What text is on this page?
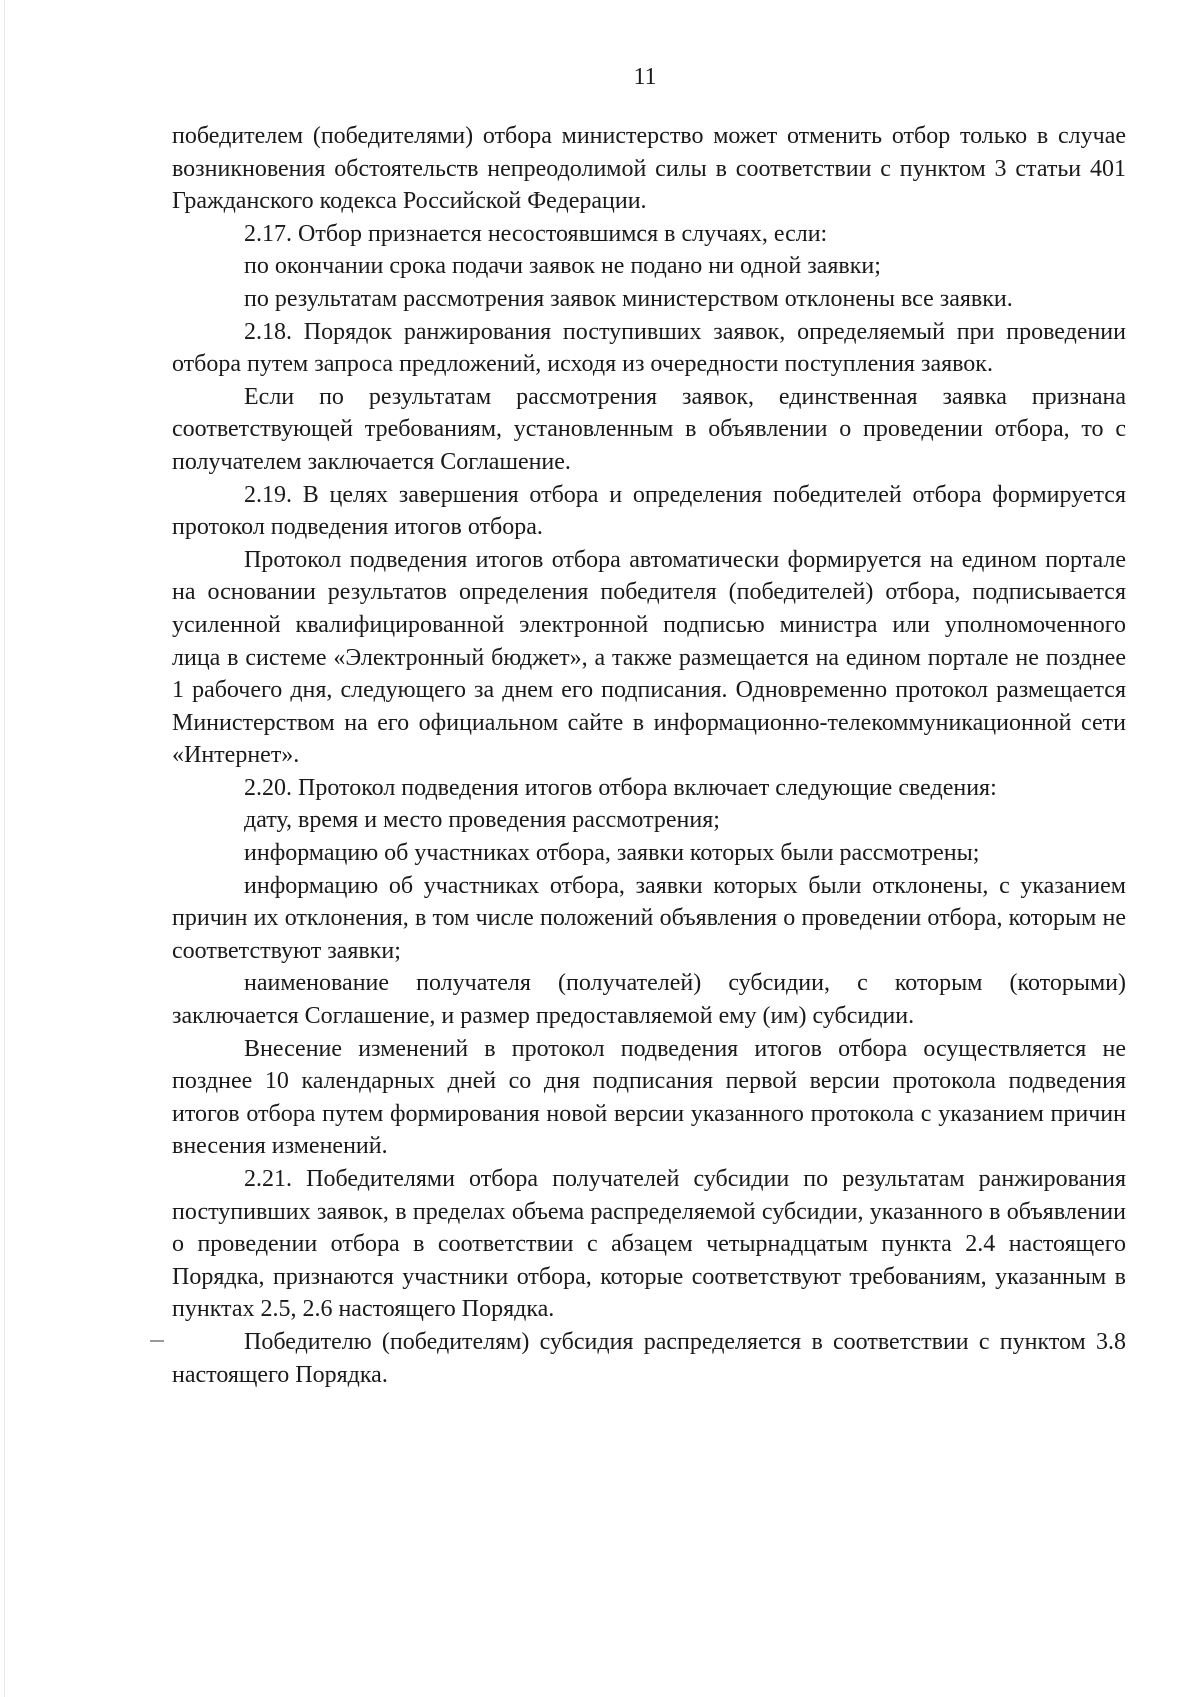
11

победителем (победителями) отбора министерство может отменить отбор только в случае возникновения обстоятельств непреодолимой силы в соответствии с пунктом 3 статьи 401 Гражданского кодекса Российской Федерации.

2.17. Отбор признается несостоявшимся в случаях, если:

по окончании срока подачи заявок не подано ни одной заявки;

по результатам рассмотрения заявок министерством отклонены все заявки.

2.18. Порядок ранжирования поступивших заявок, определяемый при проведении отбора путем запроса предложений, исходя из очередности поступления заявок.

Если по результатам рассмотрения заявок, единственная заявка признана соответствующей требованиям, установленным в объявлении о проведении отбора, то с получателем заключается Соглашение.

2.19. В целях завершения отбора и определения победителей отбора формируется протокол подведения итогов отбора.

Протокол подведения итогов отбора автоматически формируется на едином портале на основании результатов определения победителя (победителей) отбора, подписывается усиленной квалифицированной электронной подписью министра или уполномоченного лица в системе «Электронный бюджет», а также размещается на едином портале не позднее 1 рабочего дня, следующего за днем его подписания. Одновременно протокол размещается Министерством на его официальном сайте в информационно-телекоммуникационной сети «Интернет».

2.20. Протокол подведения итогов отбора включает следующие сведения:

дату, время и место проведения рассмотрения;

информацию об участниках отбора, заявки которых были рассмотрены;

информацию об участниках отбора, заявки которых были отклонены, с указанием причин их отклонения, в том числе положений объявления о проведении отбора, которым не соответствуют заявки;

наименование получателя (получателей) субсидии, с которым (которыми) заключается Соглашение, и размер предоставляемой ему (им) субсидии.

Внесение изменений в протокол подведения итогов отбора осуществляется не позднее 10 календарных дней со дня подписания первой версии протокола подведения итогов отбора путем формирования новой версии указанного протокола с указанием причин внесения изменений.

2.21. Победителями отбора получателей субсидии по результатам ранжирования поступивших заявок, в пределах объема распределяемой субсидии, указанного в объявлении о проведении отбора в соответствии с абзацем четырнадцатым пункта 2.4 настоящего Порядка, признаются участники отбора, которые соответствуют требованиям, указанным в пунктах 2.5, 2.6 настоящего Порядка.

Победителю (победителям) субсидия распределяется в соответствии с пунктом 3.8 настоящего Порядка.
